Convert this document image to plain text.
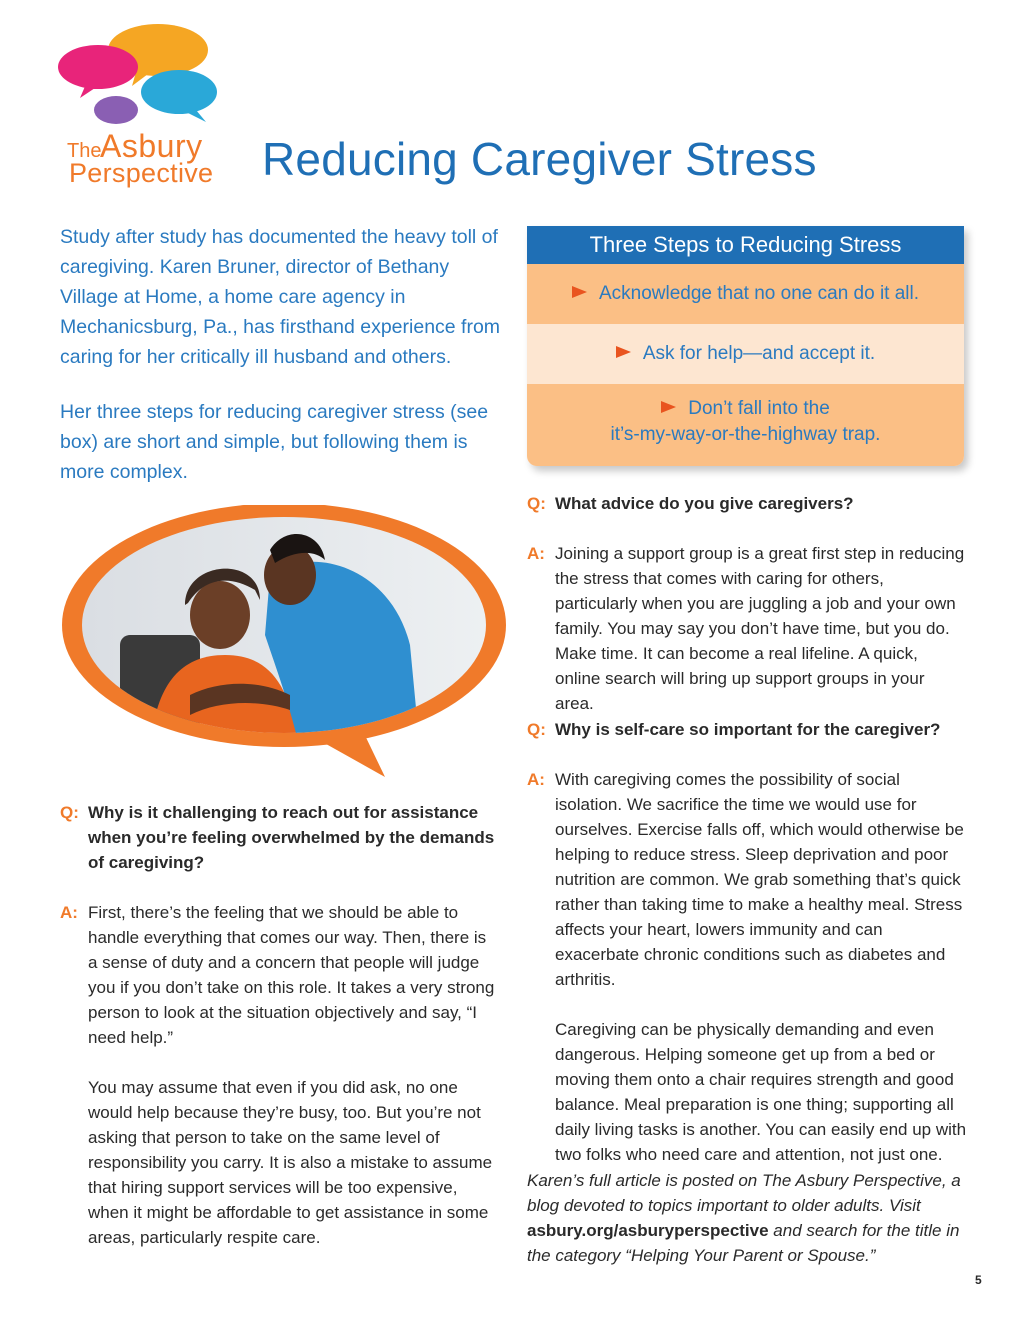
The
Asbury
Perspective Reducing Caregiver Stress

Study after study has documented the heavy toll of caregiving. Karen Bruner, director of Bethany Village at Home, a home care agency in Mechanicsburg, Pa., has firsthand experience from caring for her critically ill husband and others.

Her three steps for reducing caregiver stress (see box) are short and simple, but following them is more complex.

Three Steps to Reducing Stress
Acknowledge that no one can do it all.
Ask for help—and accept it.
Don’t fall into the
it’s-my-way-or-the-highway trap.
Q: Why is it challenging to reach out for assistance when you’re feeling overwhelmed by the demands of caregiving?
A: First, there’s the feeling that we should be able to handle everything that comes our way. Then, there is a sense of duty and a concern that people will judge you if you don’t take on this role. It takes a very strong person to look at the situation objectively and say, “I need help.”

You may assume that even if you did ask, no one would help because they’re busy, too. But you’re not asking that person to take on the same level of responsibility you carry. It is also a mistake to assume that hiring support services will be too expensive, when it might be affordable to get assistance in some areas, particularly respite care.

Q: What advice do you give caregivers?
A: Joining a support group is a great first step in reducing the stress that comes with caring for others, particularly when you are juggling a job and your own family. You may say you don’t have time, but you do. Make time. It can become a real lifeline. A quick, online search will bring up support groups in your area.

Q: Why is self-care so important for the caregiver?
A: With caregiving comes the possibility of social isolation. We sacrifice the time we would use for ourselves. Exercise falls off, which would otherwise be helping to reduce stress. Sleep deprivation and poor nutrition are common. We grab something that’s quick rather than taking time to make a healthy meal. Stress affects your heart, lowers immunity and can exacerbate chronic conditions such as diabetes and arthritis.

Caregiving can be physically demanding and even dangerous. Helping someone get up from a bed or moving them onto a chair requires strength and good balance. Meal preparation is one thing; supporting all daily living tasks is another. You can easily end up with two folks who need care and attention, not just one.

Karen’s full article is posted on The Asbury Perspective, a blog devoted to topics important to older adults. Visit asbury.org/asburyperspective and search for the title in the category “Helping Your Parent or Spouse.”

5
